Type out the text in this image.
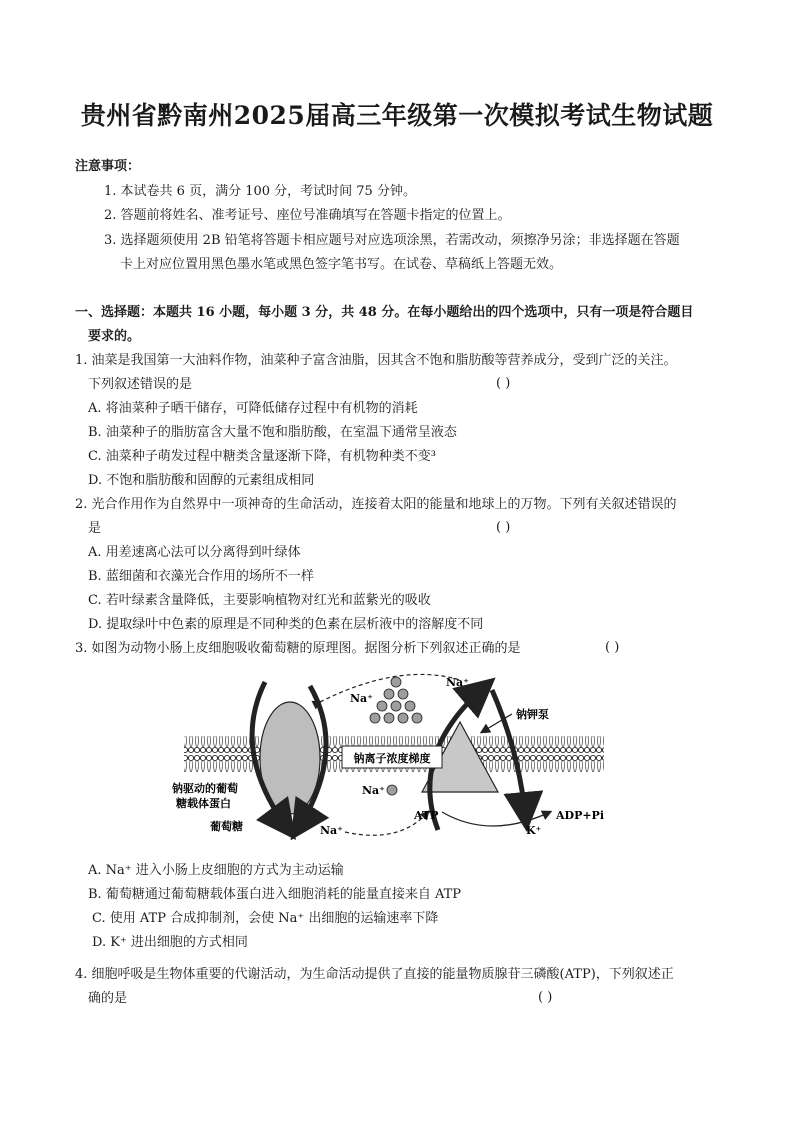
贵州省黔南州2025届高三年级第一次模拟考试生物试题
注意事项：
1. 本试卷共 6 页，满分 100 分，考试时间 75 分钟。
2. 答题前将姓名、准考证号、座位号准确填写在答题卡指定的位置上。
3. 选择题须使用 2B 铅笔将答题卡相应题号对应选项涂黑，若需改动，须擦净另涂；非选择题在答题
卡上对应位置用黑色墨水笔或黑色签字笔书写。在试卷、草稿纸上答题无效。
一、选择题：本题共 16 小题，每小题 3 分，共 48 分。在每小题给出的四个选项中，只有一项是符合题目
要求的。
1. 油菜是我国第一大油料作物，油菜种子富含油脂，因其含不饱和脂肪酸等营养成分，受到广泛的关注。
下列叙述错误的是	( )
A. 将油菜种子晒干储存，可降低储存过程中有机物的消耗
B. 油菜种子的脂肪富含大量不饱和脂肪酸，在室温下通常呈液态
C. 油菜种子萌发过程中糖类含量逐渐下降，有机物种类不变³
D. 不饱和脂肪酸和固醇的元素组成相同
2. 光合作用作为自然界中一项神奇的生命活动，连接着太阳的能量和地球上的万物。下列有关叙述错误的
是	( )
A. 用差速离心法可以分离得到叶绿体
B. 蓝细菌和衣藻光合作用的场所不一样
C. 若叶绿素含量降低，主要影响植物对红光和蓝紫光的吸收
D. 提取绿叶中色素的原理是不同种类的色素在层析液中的溶解度不同
3. 如图为动物小肠上皮细胞吸收葡萄糖的原理图。据图分析下列叙述正确的是	( )
钠离子浓度梯度
Na⁺
Na⁺
Na⁺
Na⁺
钠钾泵
钠驱动的葡萄
糖载体蛋白
葡萄糖
ATP	ADP+Pi
K⁺
A. Na⁺ 进入小肠上皮细胞的方式为主动运输
B. 葡萄糖通过葡萄糖载体蛋白进入细胞消耗的能量直接来自 ATP
C. 使用 ATP 合成抑制剂，会使 Na⁺ 出细胞的运输速率下降
D. K⁺ 进出细胞的方式相同
4. 细胞呼吸是生物体重要的代谢活动，为生命活动提供了直接的能量物质腺苷三磷酸(ATP)，下列叙述正
确的是	( )
